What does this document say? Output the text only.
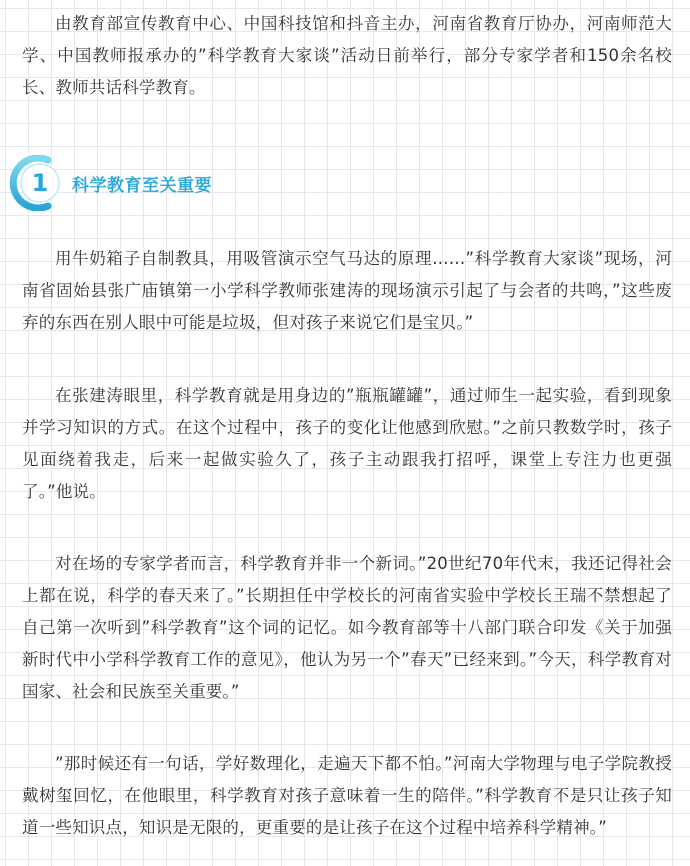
由教育部宣传教育中心、中国科技馆和抖音主办，河南省教育厅协办，河南师范大学、中国教师报承办的”科学教育大家谈”活动日前举行，部分专家学者和150余名校长、教师共话科学教育。

1	科学教育至关重要

用牛奶箱子自制教具，用吸管演示空气马达的原理……”科学教育大家谈”现场，河南省固始县张广庙镇第一小学科学教师张建涛的现场演示引起了与会者的共鸣，”这些废弃的东西在别人眼中可能是垃圾，但对孩子来说它们是宝贝。”

在张建涛眼里，科学教育就是用身边的”瓶瓶罐罐”，通过师生一起实验，看到现象并学习知识的方式。在这个过程中，孩子的变化让他感到欣慰。”之前只教数学时，孩子见面绕着我走，后来一起做实验久了，孩子主动跟我打招呼，课堂上专注力也更强了。”他说。

对在场的专家学者而言，科学教育并非一个新词。”20世纪70年代末，我还记得社会上都在说，科学的春天来了。”长期担任中学校长的河南省实验中学校长王瑞不禁想起了自己第一次听到”科学教育”这个词的记忆。如今教育部等十八部门联合印发《关于加强新时代中小学科学教育工作的意见》，他认为另一个”春天”已经来到。”今天，科学教育对国家、社会和民族至关重要。”

”那时候还有一句话，学好数理化，走遍天下都不怕。”河南大学物理与电子学院教授戴树玺回忆，在他眼里，科学教育对孩子意味着一生的陪伴。”科学教育不是只让孩子知道一些知识点，知识是无限的，更重要的是让孩子在这个过程中培养科学精神。”
